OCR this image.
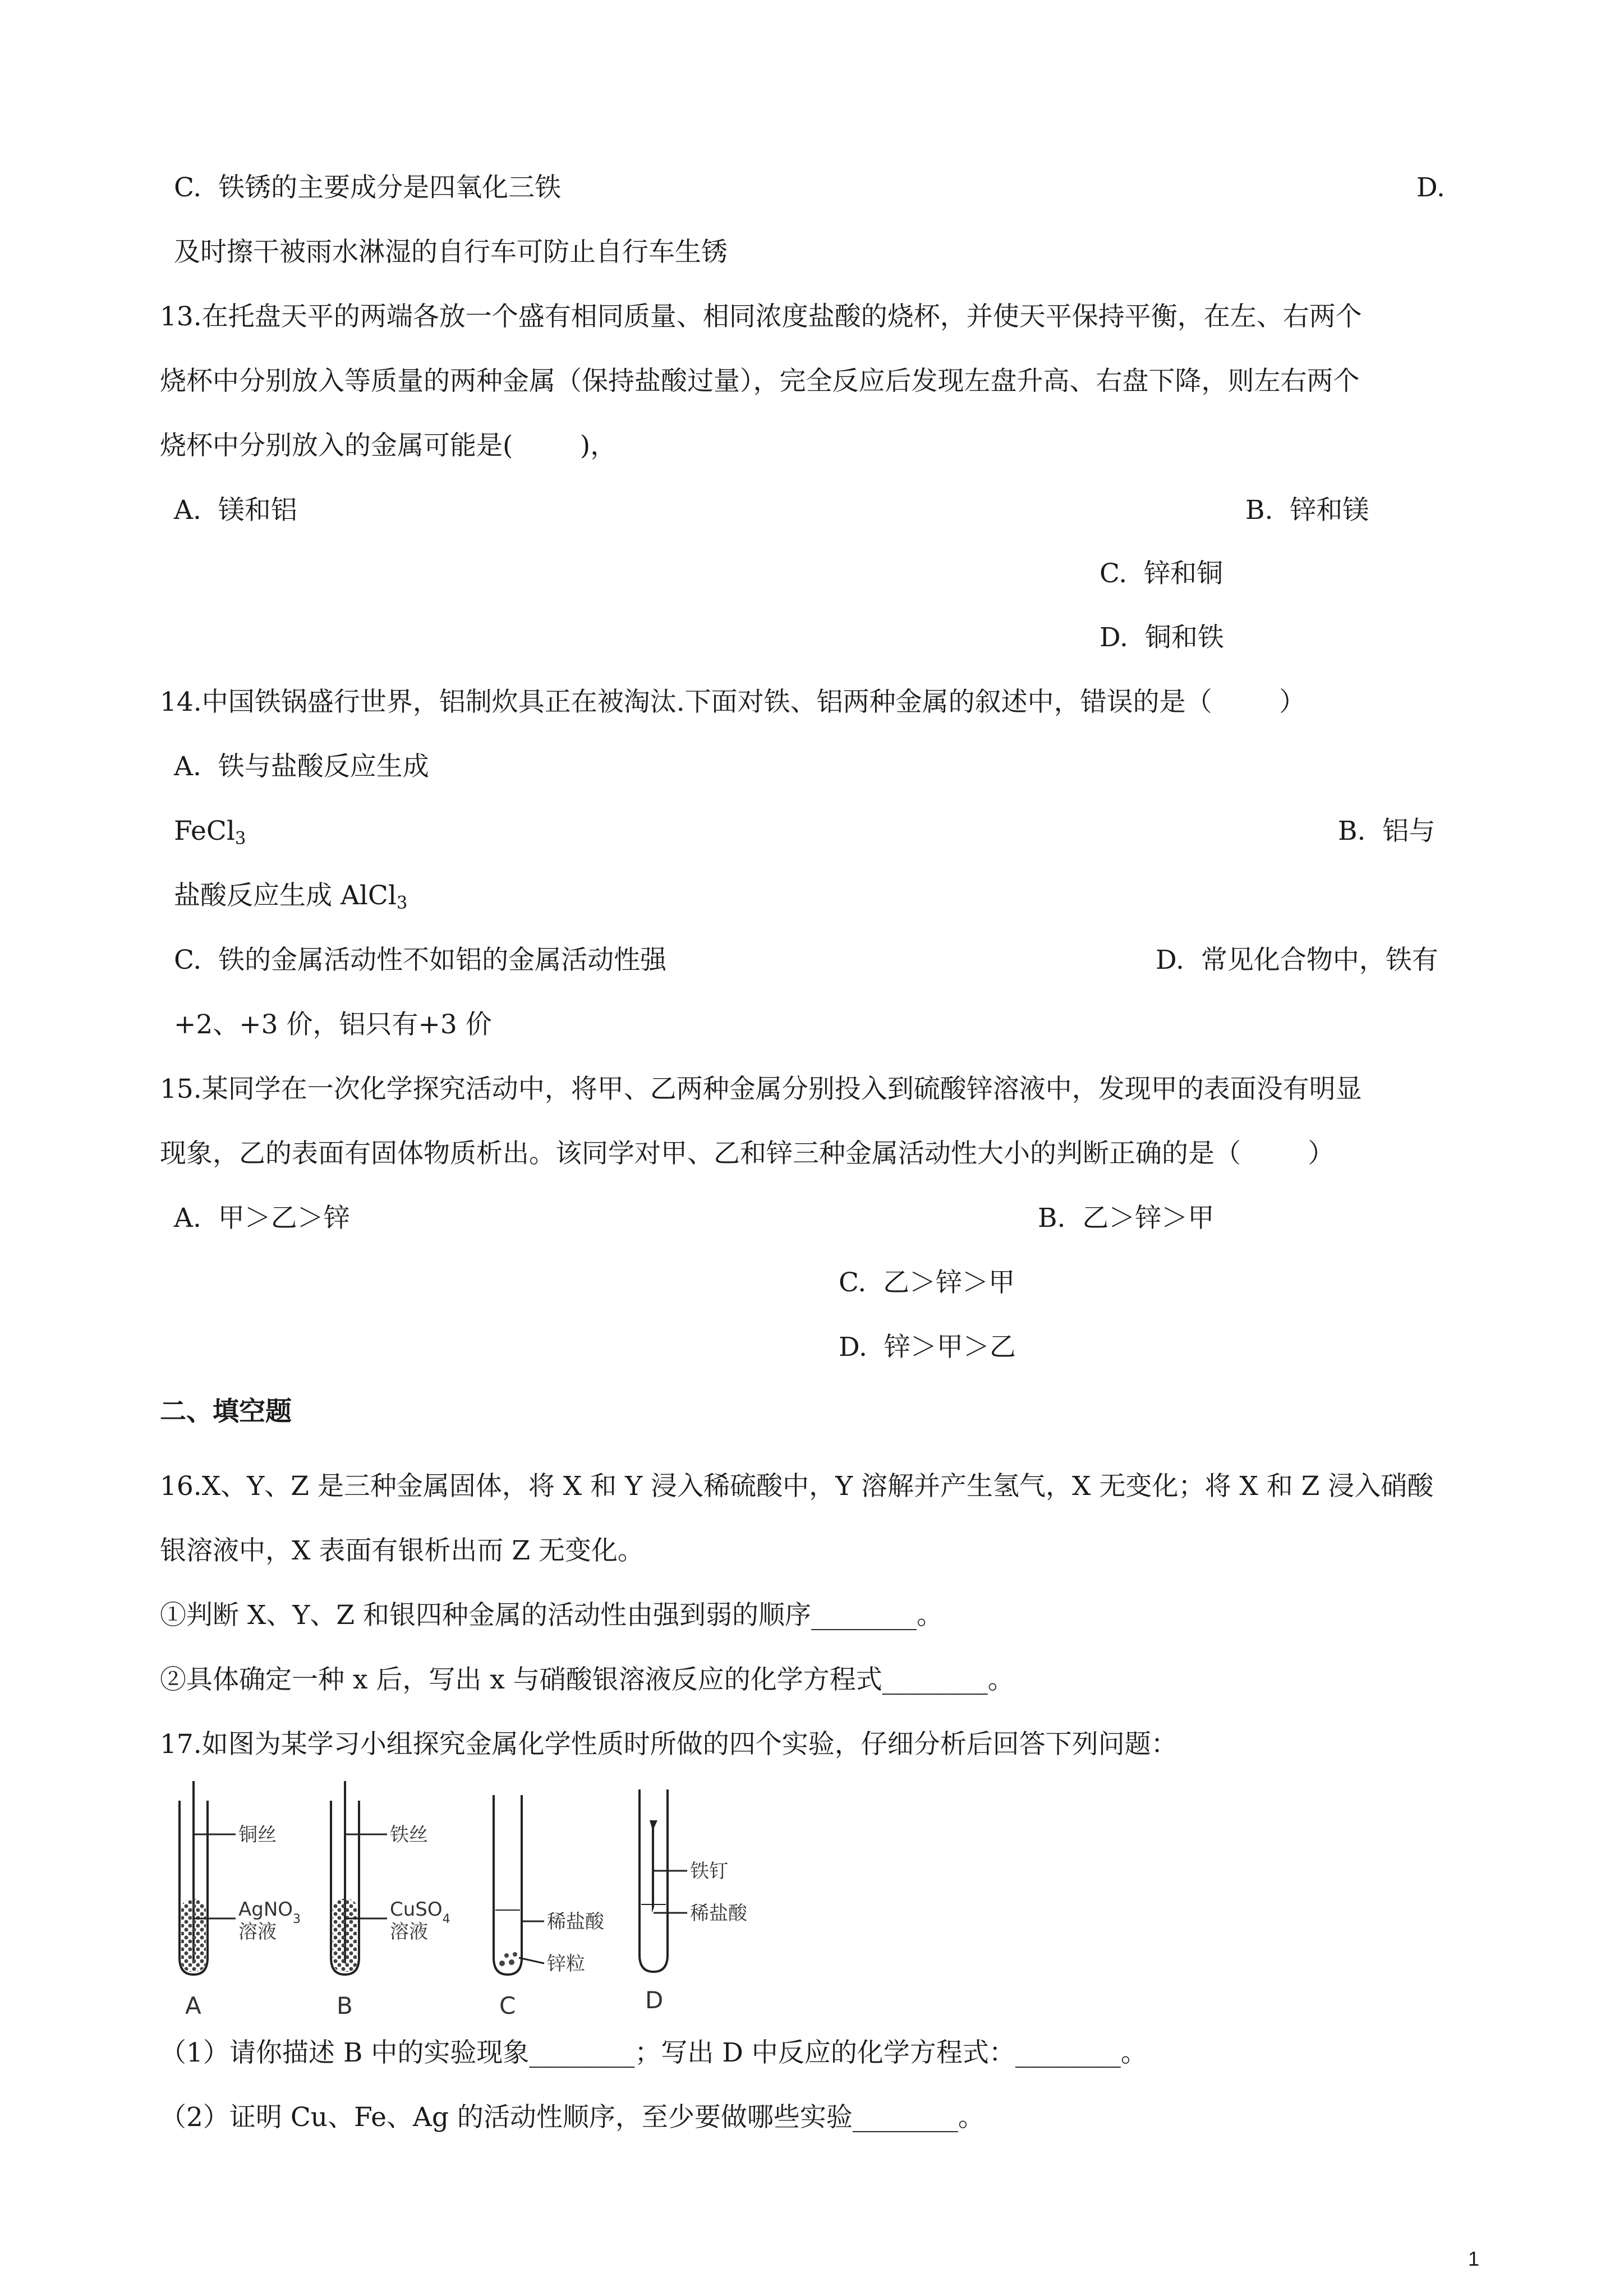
C.  铁锈的主要成分是四氧化三铁	D.
及时擦干被雨水淋湿的自行车可防止自行车生锈
13.在托盘天平的两端各放一个盛有相同质量、相同浓度盐酸的烧杯，并使天平保持平衡，在左、右两个
烧杯中分别放入等质量的两种金属（保持盐酸过量），完全反应后发现左盘升高、右盘下降，则左右两个
烧杯中分别放入的金属可能是(        )，
A.  镁和铝	B.  锌和镁
C.  锌和铜
D.  铜和铁
14.中国铁锅盛行世界，铝制炊具正在被淘汰.下面对铁、铝两种金属的叙述中，错误的是（        ）
A.  铁与盐酸反应生成
FeCl$_3$	B.  铝与
盐酸反应生成 AlCl$_3$
C.  铁的金属活动性不如铝的金属活动性强	D.  常见化合物中，铁有
+2、+3 价，铝只有+3 价
15.某同学在一次化学探究活动中，将甲、乙两种金属分别投入到硫酸锌溶液中，发现甲的表面没有明显
现象，乙的表面有固体物质析出。该同学对甲、乙和锌三种金属活动性大小的判断正确的是（        ）
A.  甲＞乙＞锌	B.  乙＞锌＞甲
C.  乙＞锌＞甲
D.  锌＞甲＞乙
二、填空题
16.X、Y、Z 是三种金属固体，将 X 和 Y 浸入稀硫酸中，Y 溶解并产生氢气，X 无变化；将 X 和 Z 浸入硝酸
银溶液中，X 表面有银析出而 Z 无变化。
①判断 X、Y、Z 和银四种金属的活动性由强到弱的顺序________。
②具体确定一种 x 后，写出 x 与硝酸银溶液反应的化学方程式________。
17.如图为某学习小组探究金属化学性质时所做的四个实验，仔细分析后回答下列问题：
铜丝
AgNO$_3$
溶液
A
铁丝
CuSO$_4$
溶液
B
稀盐酸
锌粒
C
铁钉
稀盐酸
D
（1）请你描述 B 中的实验现象________；写出 D 中反应的化学方程式：________。
（2）证明 Cu、Fe、Ag 的活动性顺序，至少要做哪些实验________。
1
